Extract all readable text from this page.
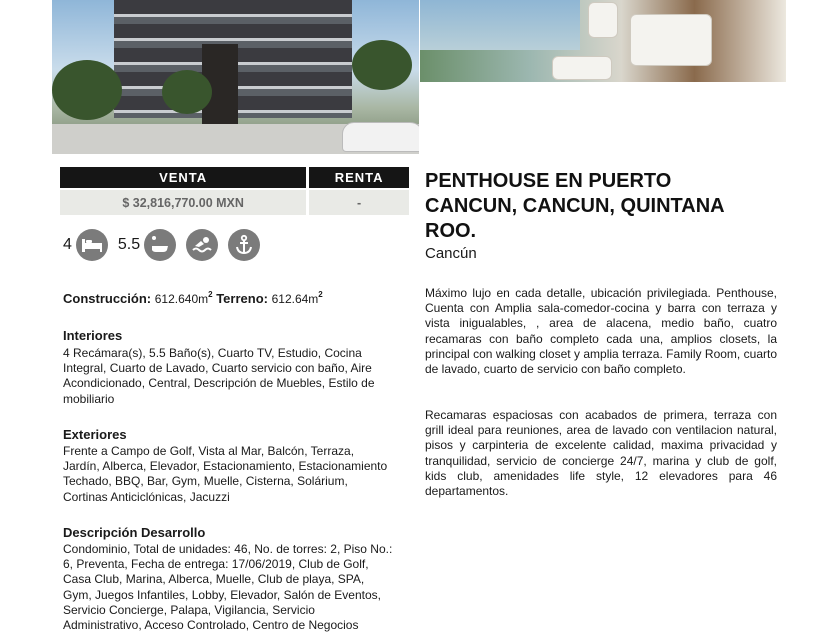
VENTA	RENTA
$ 32,816,770.00 MXN	-
4	5.5
Construcción: $612.640m^2$ Terreno: $612.64m^2$
Interiores
4 Recámara(s), 5.5 Baño(s), Cuarto TV, Estudio, Cocina Integral, Cuarto de Lavado, Cuarto servicio con baño, Aire Acondicionado, Central, Descripción de Muebles, Estilo de mobiliario
Exteriores
Frente a Campo de Golf, Vista al Mar, Balcón, Terraza, Jardín, Alberca, Elevador, Estacionamiento, Estacionamiento Techado, BBQ, Bar, Gym, Muelle, Cisterna, Solárium, Cortinas Anticiclónicas, Jacuzzi
Descripción Desarrollo
Condominio, Total de unidades: 46, No. de torres: 2, Piso No.: 6, Preventa, Fecha de entrega: 17/06/2019, Club de Golf, Casa Club, Marina, Alberca, Muelle, Club de playa, SPA, Gym, Juegos Infantiles, Lobby, Elevador, Salón de Eventos, Servicio Concierge, Palapa, Vigilancia, Servicio Administrativo, Acceso Controlado, Centro de Negocios
PENTHOUSE EN PUERTO CANCUN, CANCUN, QUINTANA ROO.
Cancún

Máximo lujo en cada detalle, ubicación privilegiada. Penthouse, Cuenta con Amplia sala-comedor-cocina y barra con terraza y vista inigualables, , area de alacena, medio baño, cuatro recamaras con baño completo cada una, amplios closets, la principal con walking closet y amplia terraza. Family Room, cuarto de lavado, cuarto de servicio con baño completo.

Recamaras espaciosas con acabados de primera, terraza con grill ideal para reuniones, area de lavado con ventilacion natural, pisos y carpinteria de excelente calidad, maxima privacidad y tranquilidad, servicio de concierge 24/7, marina y club de golf, kids club, amenidades life style, 12 elevadores para 46 departamentos.
